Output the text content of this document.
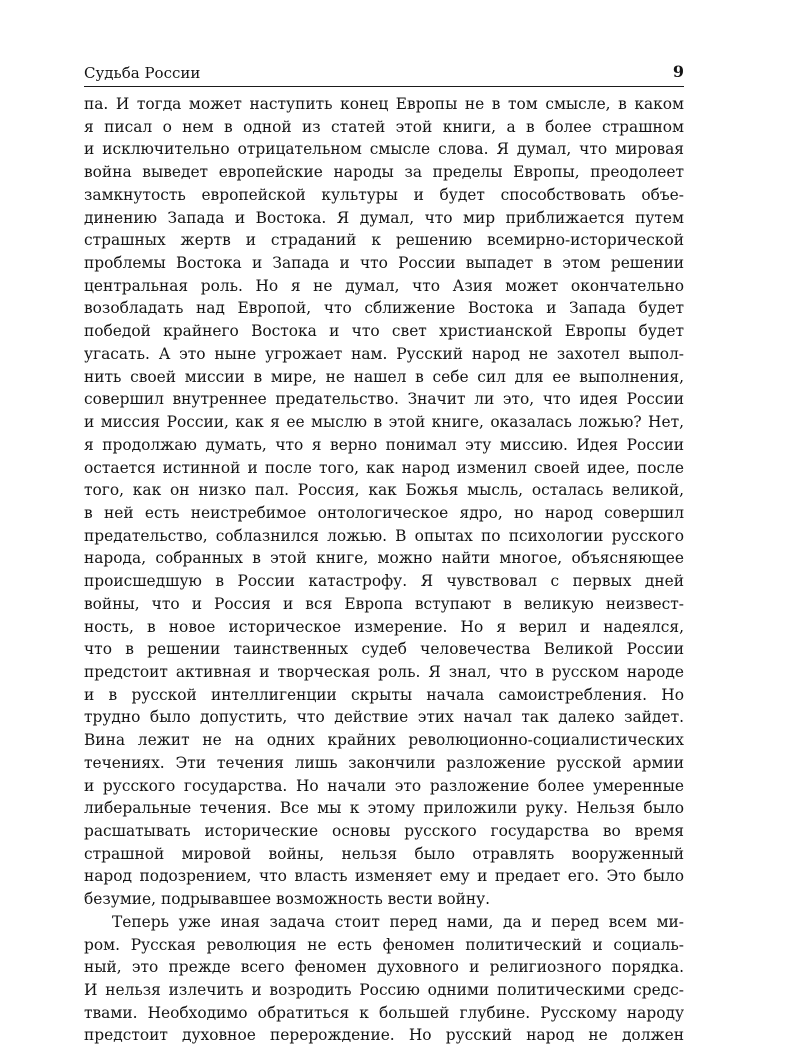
Судьба России	9
па. И тогда может наступить конец Европы не в том смысле, в каком
я писал о нем в одной из статей этой книги, а в более страшном
и исключительно отрицательном смысле слова. Я думал, что мировая
война выведет европейские народы за пределы Европы, преодолеет
замкнутость европейской культуры и будет способствовать объе-
динению Запада и Востока. Я думал, что мир приближается путем
страшных жертв и страданий к решению всемирно-исторической
проблемы Востока и Запада и что России выпадет в этом решении
центральная роль. Но я не думал, что Азия может окончательно
возобладать над Европой, что сближение Востока и Запада будет
победой крайнего Востока и что свет христианской Европы будет
угасать. А это ныне угрожает нам. Русский народ не захотел выпол-
нить своей миссии в мире, не нашел в себе сил для ее выполнения,
совершил внутреннее предательство. Значит ли это, что идея России
и миссия России, как я ее мыслю в этой книге, оказалась ложью? Нет,
я продолжаю думать, что я верно понимал эту миссию. Идея России
остается истинной и после того, как народ изменил своей идее, после
того, как он низко пал. Россия, как Божья мысль, осталась великой,
в ней есть неистребимое онтологическое ядро, но народ совершил
предательство, соблазнился ложью. В опытах по психологии русского
народа, собранных в этой книге, можно найти многое, объясняющее
происшедшую в России катастрофу. Я чувствовал с первых дней
войны, что и Россия и вся Европа вступают в великую неизвест-
ность, в новое историческое измерение. Но я верил и надеялся,
что в решении таинственных судеб человечества Великой России
предстоит активная и творческая роль. Я знал, что в русском народе
и в русской интеллигенции скрыты начала самоистребления. Но
трудно было допустить, что действие этих начал так далеко зайдет.
Вина лежит не на одних крайних революционно-социалистических
течениях. Эти течения лишь закончили разложение русской армии
и русского государства. Но начали это разложение более умеренные
либеральные течения. Все мы к этому приложили руку. Нельзя было
расшатывать исторические основы русского государства во время
страшной мировой войны, нельзя было отравлять вооруженный
народ подозрением, что власть изменяет ему и предает его. Это было
безумие, подрывавшее возможность вести войну.
Теперь уже иная задача стоит перед нами, да и перед всем ми-
ром. Русская революция не есть феномен политический и социаль-
ный, это прежде всего феномен духовного и религиозного порядка.
И нельзя излечить и возродить Россию одними политическими средс-
твами. Необходимо обратиться к большей глубине. Русскому народу
предстоит духовное перерождение. Но русский народ не должен
